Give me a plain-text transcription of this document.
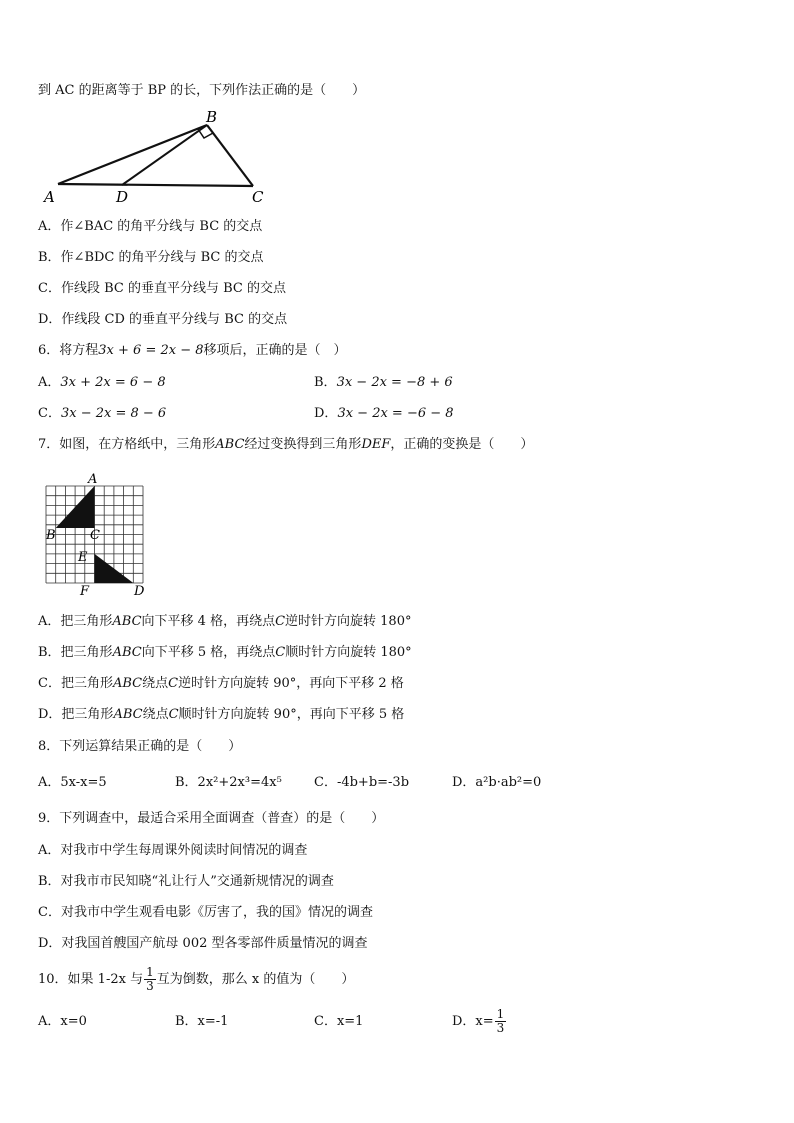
到 AC 的距离等于 BP 的长，下列作法正确的是（　　）
A	D
B
C
A．作∠BAC 的角平分线与 BC 的交点
B．作∠BDC 的角平分线与 BC 的交点
C．作线段 BC 的垂直平分线与 BC 的交点
D．作线段 CD 的垂直平分线与 BC 的交点
6．将方程3x + 6 = 2x − 8移项后，正确的是（　）
A．3x + 2x = 6 − 8	B．3x − 2x = −8 + 6
C．3x − 2x = 8 − 6	D．3x − 2x = −6 − 8
7．如图，在方格纸中，三角形ABC经过变换得到三角形DEF，正确的变换是（　　）
A
B	C
E
F	D
A．把三角形ABC向下平移 4 格，再绕点C逆时针方向旋转 180°
B．把三角形ABC向下平移 5 格，再绕点C顺时针方向旋转 180°
C．把三角形ABC绕点C逆时针方向旋转 90°，再向下平移 2 格
D．把三角形ABC绕点C顺时针方向旋转 90°，再向下平移 5 格
8．下列运算结果正确的是（　　）
A．5x-x=5	B．2x²+2x³=4x⁵ C．-4b+b=-3b	D．a²b·ab²=0
9．下列调查中，最适合采用全面调查（普查）的是（　　）
A．对我市中学生每周课外阅读时间情况的调查
B．对我市市民知晓“礼让行人”交通新规情况的调查
C．对我市中学生观看电影《厉害了，我的国》情况的调查
D．对我国首艘国产航母 002 型各零部件质量情况的调查
10．如果 1-2x 与 $\frac{1}{3}$ 互为倒数，那么 x 的值为（　　）
A．x=0	B．x=-1	C．x=1	D．$x= \frac{1}{3}$
